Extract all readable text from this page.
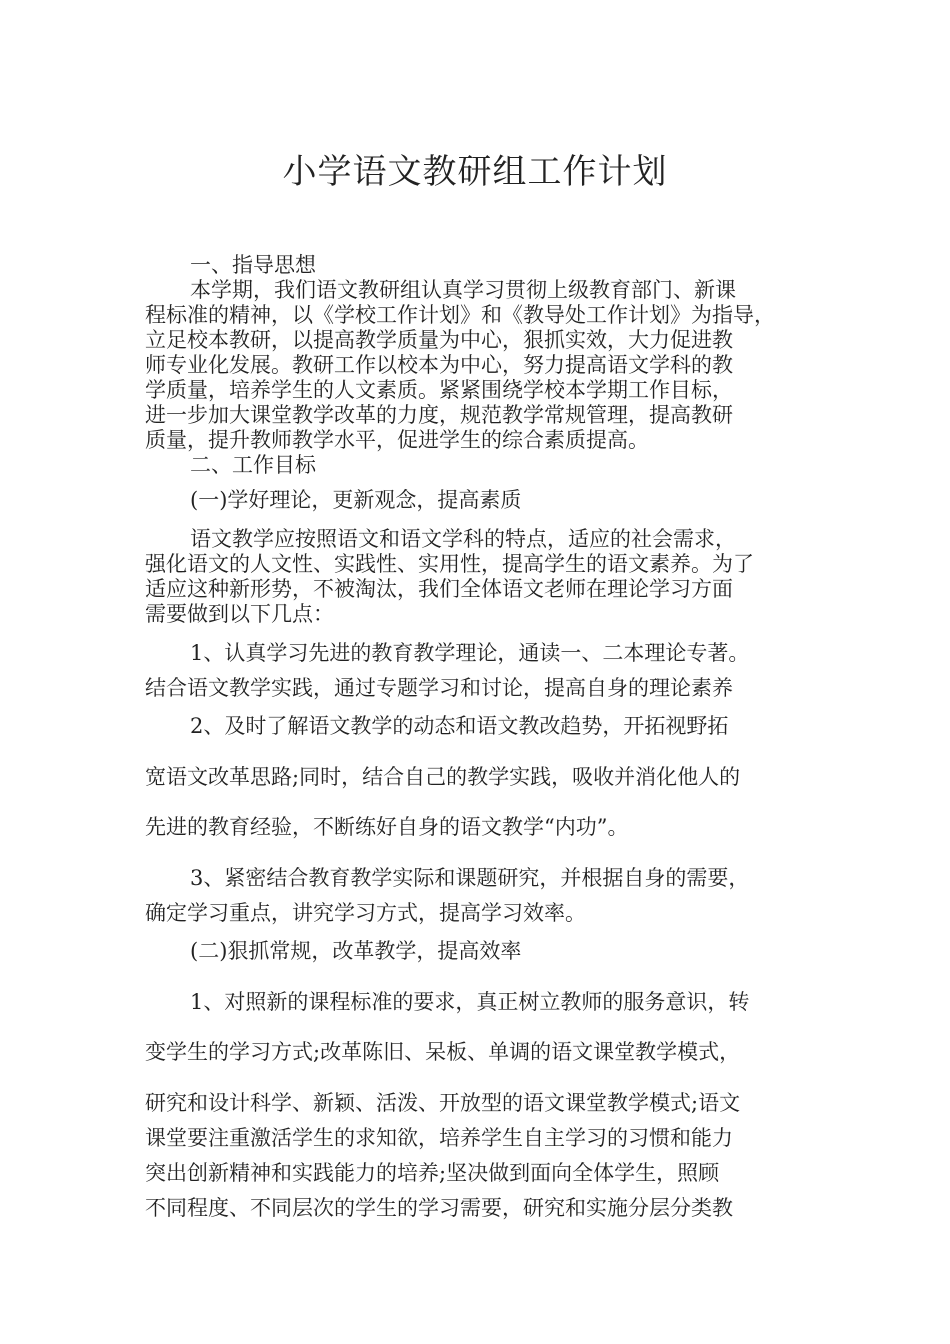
小学语文教研组工作计划
一、指导思想
本学期，我们语文教研组认真学习贯彻上级教育部门、新课
程标准的精神，以《学校工作计划》和《教导处工作计划》为指导，
立足校本教研，以提高教学质量为中心，狠抓实效，大力促进教
师专业化发展。教研工作以校本为中心，努力提高语文学科的教
学质量，培养学生的人文素质。紧紧围绕学校本学期工作目标，
进一步加大课堂教学改革的力度，规范教学常规管理，提高教研
质量，提升教师教学水平，促进学生的综合素质提高。
二、工作目标
(一)学好理论，更新观念，提高素质
语文教学应按照语文和语文学科的特点，适应的社会需求，
强化语文的人文性、实践性、实用性，提高学生的语文素养。为了
适应这种新形势，不被淘汰，我们全体语文老师在理论学习方面
需要做到以下几点：
1、认真学习先进的教育教学理论，通读一、二本理论专著。
结合语文教学实践，通过专题学习和讨论，提高自身的理论素养
2、及时了解语文教学的动态和语文教改趋势，开拓视野拓
宽语文改革思路;同时，结合自己的教学实践，吸收并消化他人的
先进的教育经验，不断练好自身的语文教学“内功”。
3、紧密结合教育教学实际和课题研究，并根据自身的需要，
确定学习重点，讲究学习方式，提高学习效率。
(二)狠抓常规，改革教学，提高效率
1、对照新的课程标准的要求，真正树立教师的服务意识，转
变学生的学习方式;改革陈旧、呆板、单调的语文课堂教学模式，
研究和设计科学、新颖、活泼、开放型的语文课堂教学模式;语文
课堂要注重激活学生的求知欲，培养学生自主学习的习惯和能力
突出创新精神和实践能力的培养;坚决做到面向全体学生，照顾
不同程度、不同层次的学生的学习需要，研究和实施分层分类教
